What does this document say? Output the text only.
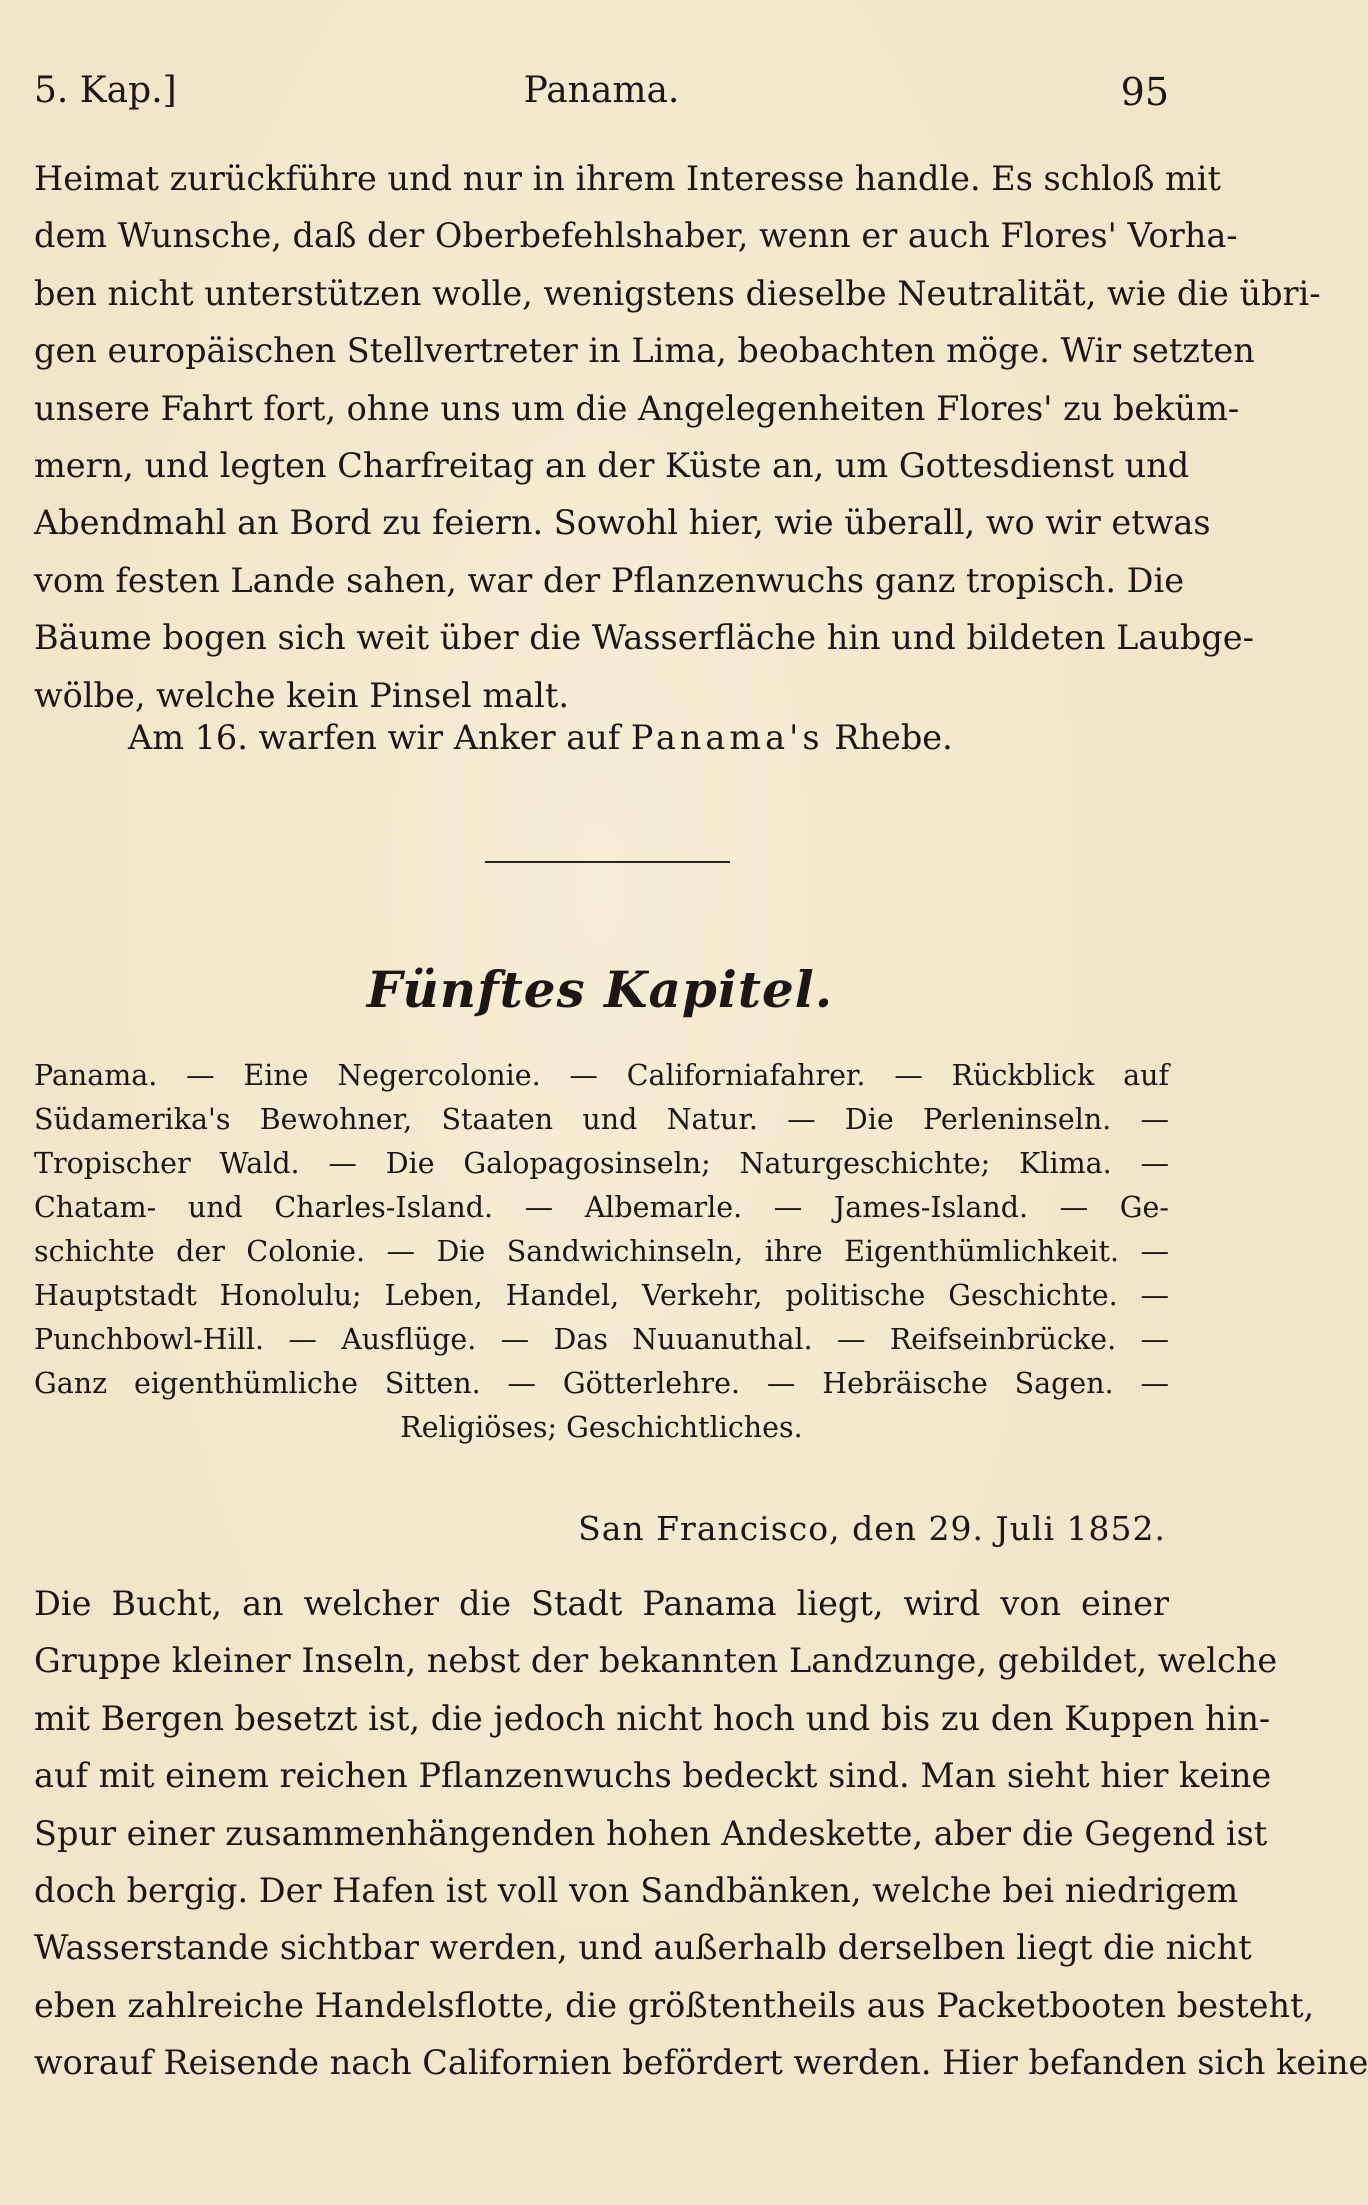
5. Kap.]	Panama.	95

Heimat zurückführe und nur in ihrem Interesse handle. Es schloß mit
dem Wunsche, daß der Oberbefehlshaber, wenn er auch Flores' Vorha-
ben nicht unterstützen wolle, wenigstens dieselbe Neutralität, wie die übri-
gen europäischen Stellvertreter in Lima, beobachten möge. Wir setzten
unsere Fahrt fort, ohne uns um die Angelegenheiten Flores' zu beküm-
mern, und legten Charfreitag an der Küste an, um Gottesdienst und
Abendmahl an Bord zu feiern. Sowohl hier, wie überall, wo wir etwas
vom festen Lande sahen, war der Pflanzenwuchs ganz tropisch. Die
Bäume bogen sich weit über die Wasserfläche hin und bildeten Laubge-
wölbe, welche kein Pinsel malt.

Am 16. warfen wir Anker auf Panama's Rhebe.
Fünftes Kapitel.

Panama. — Eine Negercolonie. — Californiafahrer. — Rückblick auf
Südamerika's Bewohner, Staaten und Natur. — Die Perleninseln. —
Tropischer Wald. — Die Galopagosinseln; Naturgeschichte; Klima. —
Chatam- und Charles-Island. — Albemarle. — James-Island. — Ge-
schichte der Colonie. — Die Sandwichinseln, ihre Eigenthümlichkeit. —
Hauptstadt Honolulu; Leben, Handel, Verkehr, politische Geschichte. —
Punchbowl-Hill. — Ausflüge. — Das Nuuanuthal. — Reifseinbrücke. —
Ganz eigenthümliche Sitten. — Götterlehre. — Hebräische Sagen. —
Religiöses; Geschichtliches.

San Francisco, den 29. Juli 1852.

Die Bucht, an welcher die Stadt Panama liegt, wird von einer
Gruppe kleiner Inseln, nebst der bekannten Landzunge, gebildet, welche
mit Bergen besetzt ist, die jedoch nicht hoch und bis zu den Kuppen hin-
auf mit einem reichen Pflanzenwuchs bedeckt sind. Man sieht hier keine
Spur einer zusammenhängenden hohen Andeskette, aber die Gegend ist
doch bergig. Der Hafen ist voll von Sandbänken, welche bei niedrigem
Wasserstande sichtbar werden, und außerhalb derselben liegt die nicht
eben zahlreiche Handelsflotte, die größtentheils aus Packetbooten besteht,
worauf Reisende nach Californien befördert werden. Hier befanden sich keine
